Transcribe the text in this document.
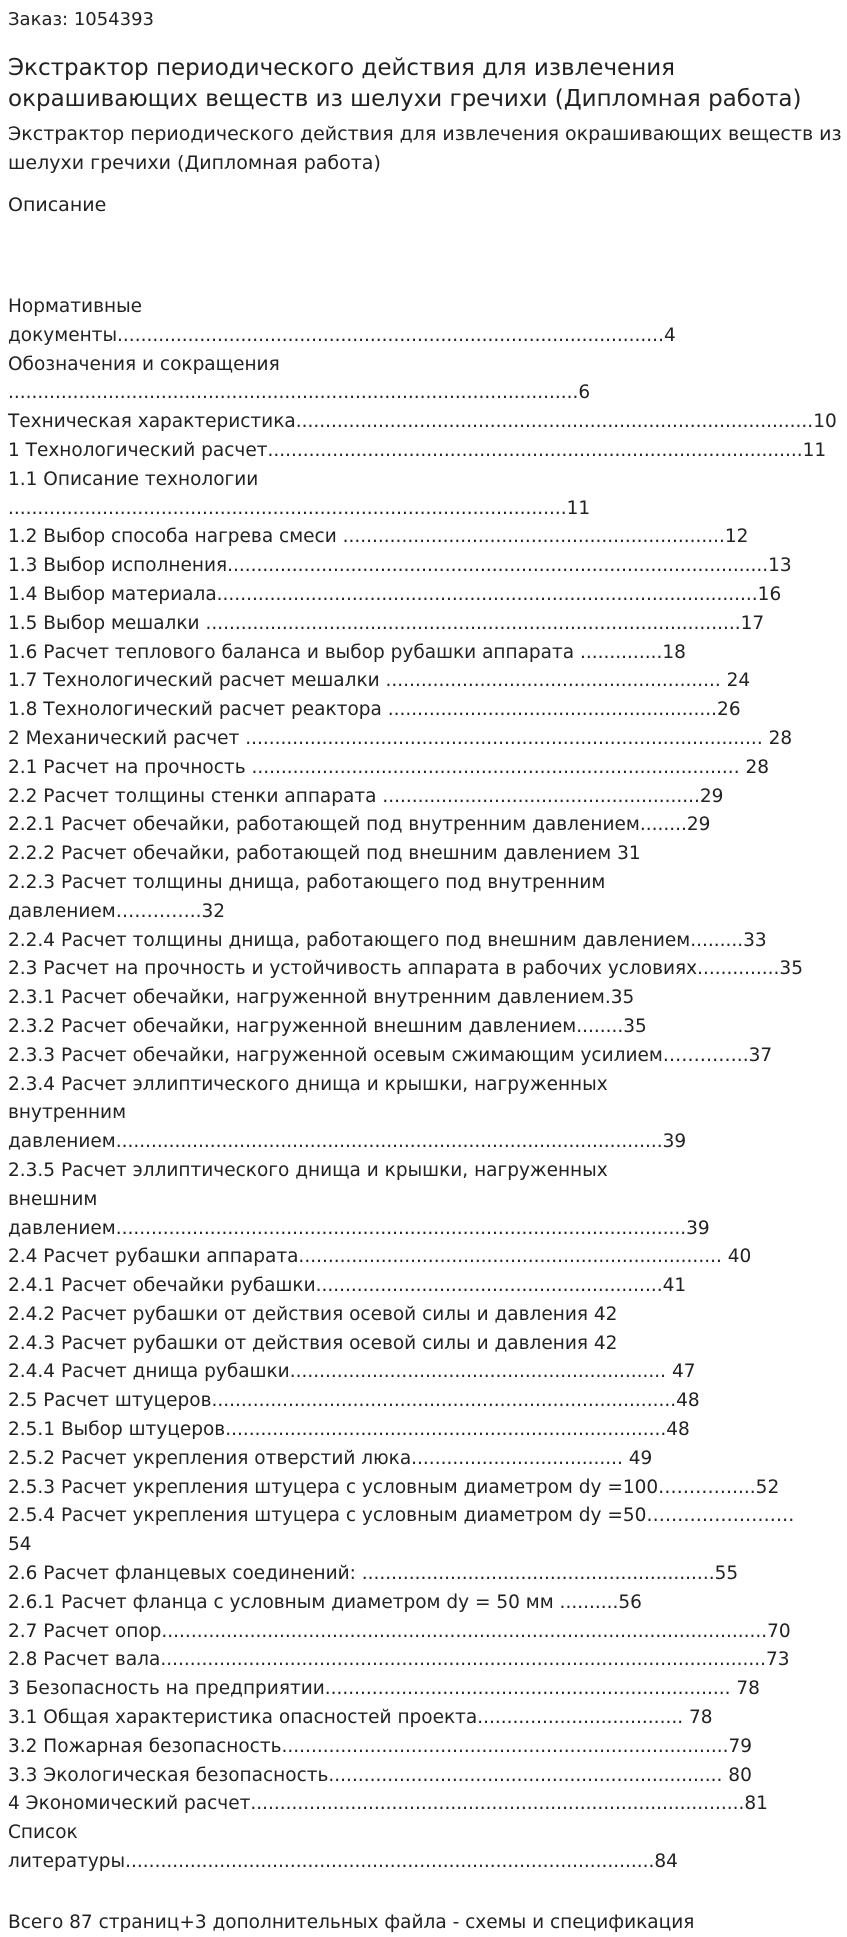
Заказ: 1054393
Экстрактор периодического действия для извлечения окрашивающих веществ из шелухи гречихи (Дипломная работа)
Экстрактор периодического действия для извлечения окрашивающих веществ из шелухи гречихи (Дипломная работа)
Описание
Нормативные
документы.............................................................................................4
Обозначения и сокращения
.................................................................................................6
Техническая характеристика........................................................................................10
1 Технологический расчет...........................................................................................11
1.1 Описание технологии ...............................................................................................11
1.2 Выбор способа нагрева смеси .................................................................12
1.3 Выбор исполнения............................................................................................13
1.4 Выбор материала............................................................................................16
1.5 Выбор мешалки ...........................................................................................17
1.6 Расчет теплового баланса и выбор рубашки аппарата ..............18
1.7 Технологический расчет мешалки ......................................................... 24
1.8 Технологический расчет реактора ........................................................26
2 Механический расчет ........................................................................................ 28
2.1 Расчет на прочность ................................................................................... 28
2.2 Расчет толщины стенки аппарата ......................................................29
2.2.1 Расчет обечайки, работающей под внутренним давлением........29
2.2.2 Расчет обечайки, работающей под внешним давлением 31
2.2.3 Расчет толщины днища, работающего под внутренним
давлением…………..32
2.2.4 Расчет толщины днища, работающего под внешним давлением.........33
2.3 Расчет на прочность и устойчивость аппарата в рабочих условиях..............35
2.3.1 Расчет обечайки, нагруженной внутренним давлением.35
2.3.2 Расчет обечайки, нагруженной внешним давлением........35
2.3.3 Расчет обечайки, нагруженной осевым сжимающим усилием…………..37
2.3.4 Расчет эллиптического днища и крышки, нагруженных
внутренним
давлением.............................................................................................39
2.3.5 Расчет эллиптического днища и крышки, нагруженных
внешним
давлением.................................................................................................39
2.4 Расчет рубашки аппарата........................................................................ 40
2.4.1 Расчет обечайки рубашки...........................................................41
2.4.2 Расчет рубашки от действия осевой силы и давления 42
2.4.3 Расчет рубашки от действия осевой силы и давления 42
2.4.4 Расчет днища рубашки................................................................ 47
2.5 Расчет штуцеров...............................................................................48
2.5.1 Выбор штуцеров...........................................................................48
2.5.2 Расчет укрепления отверстий люка.................................... 49
2.5.3 Расчет укрепления штуцера с условным диаметром dy =100…………....52
2.5.4 Расчет укрепления штуцера с условным диаметром dy =50……………………
54
2.6 Расчет фланцевых соединений: ............................................................55
2.6.1 Расчет фланца с условным диаметром dy = 50 мм ..........56
2.7 Расчет опор.......................................................................................................70
2.8 Расчет вала.......................................................................................................73
3 Безопасность на предприятии..................................................................... 78
3.1 Общая характеристика опасностей проекта................................... 78
3.2 Пожарная безопасность............................................................................79
3.3 Экологическая безопасность................................................................... 80
4 Экономический расчет....................................................................................81
Список
литературы..........................................................................................84
Всего 87 страниц+3 дополнительных файла - схемы и спецификация
